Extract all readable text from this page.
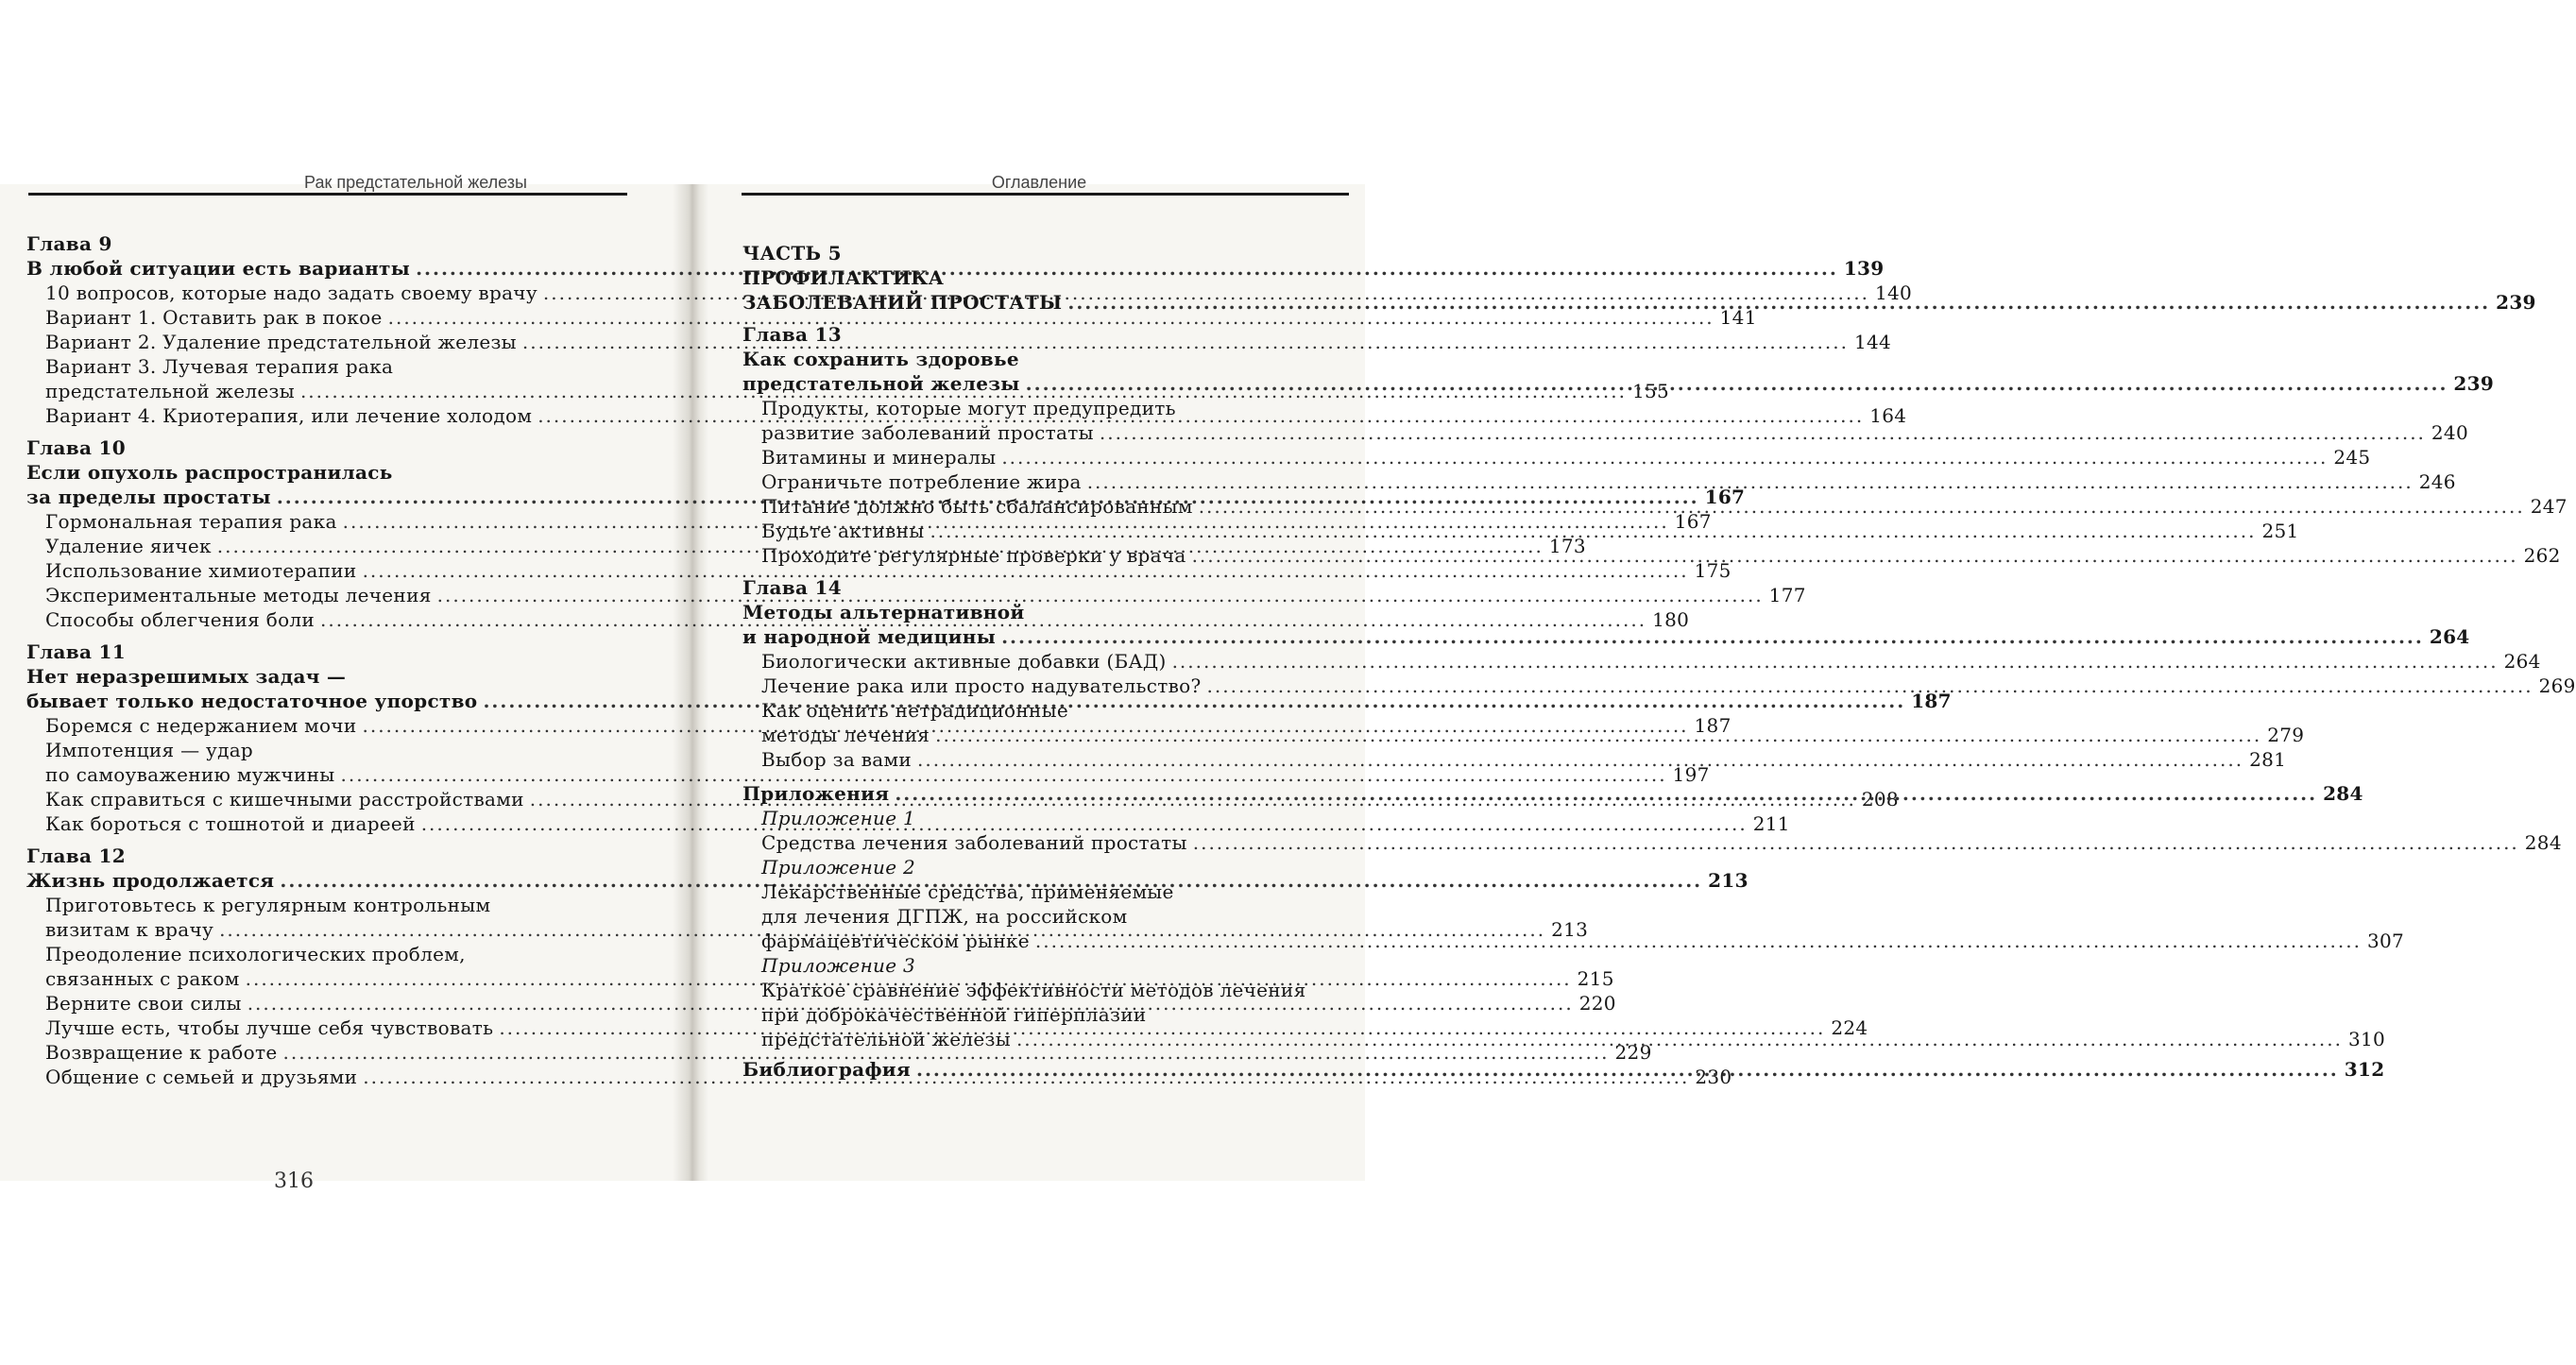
Рак предстательной железы	Оглавление
Глава 9
В любой ситуации есть варианты .....	139
10 вопросов, которые надо задать своему врачу .....	140
Вариант 1. Оставить рак в покое .....	141
Вариант 2. Удаление предстательной железы .....	144
Вариант 3. Лучевая терапия рака
предстательной железы .....	155
Вариант 4. Криотерапия, или лечение холодом .....	164
Глава 10
Если опухоль распространилась
за пределы простаты .....	167
Гормональная терапия рака .....	167
Удаление яичек .....	173
Использование химиотерапии .....	175
Экспериментальные методы лечения .....	177
Способы облегчения боли .....	180
Глава 11
Нет неразрешимых задач —
бывает только недостаточное упорство .....	187
Боремся с недержанием мочи .....	187
Импотенция — удар
по самоуважению мужчины .....	197
Как справиться с кишечными расстройствами .....	208
Как бороться с тошнотой и диареей .....	211
Глава 12
Жизнь продолжается .....	213
Приготовьтесь к регулярным контрольным
визитам к врачу .....	213
Преодоление психологических проблем,
связанных с раком .....	215
Верните свои силы .....	220
Лучше есть, чтобы лучше себя чувствовать .....	224
Возвращение к работе .....	229
Общение с семьей и друзьями .....	230
ЧАСТЬ 5
ПРОФИЛАКТИКА
ЗАБОЛЕВАНИЙ ПРОСТАТЫ .....	239
Глава 13
Как сохранить здоровье
предстательной железы .....	239
Продукты, которые могут предупредить
развитие заболеваний простаты .....	240
Витамины и минералы .....	245
Ограничьте потребление жира .....	246
Питание должно быть сбалансированным .....	247
Будьте активны .....	251
Проходите регулярные проверки у врача .....	262
Глава 14
Методы альтернативной
и народной медицины .....	264
Биологически активные добавки (БАД) .....	264
Лечение рака или просто надувательство? .....	269
Как оценить нетрадиционные
методы лечения .....	279
Выбор за вами .....	281
Приложения .....	284
Приложение 1
Средства лечения заболеваний простаты .....	284
Приложение 2
Лекарственные средства, применяемые
для лечения ДГПЖ, на российском
фармацевтическом рынке .....	307
Приложение 3
Краткое сравнение эффективности методов лечения
при доброкачественной гиперплазии
предстательной железы .....	310
Библиография .....	312
316
